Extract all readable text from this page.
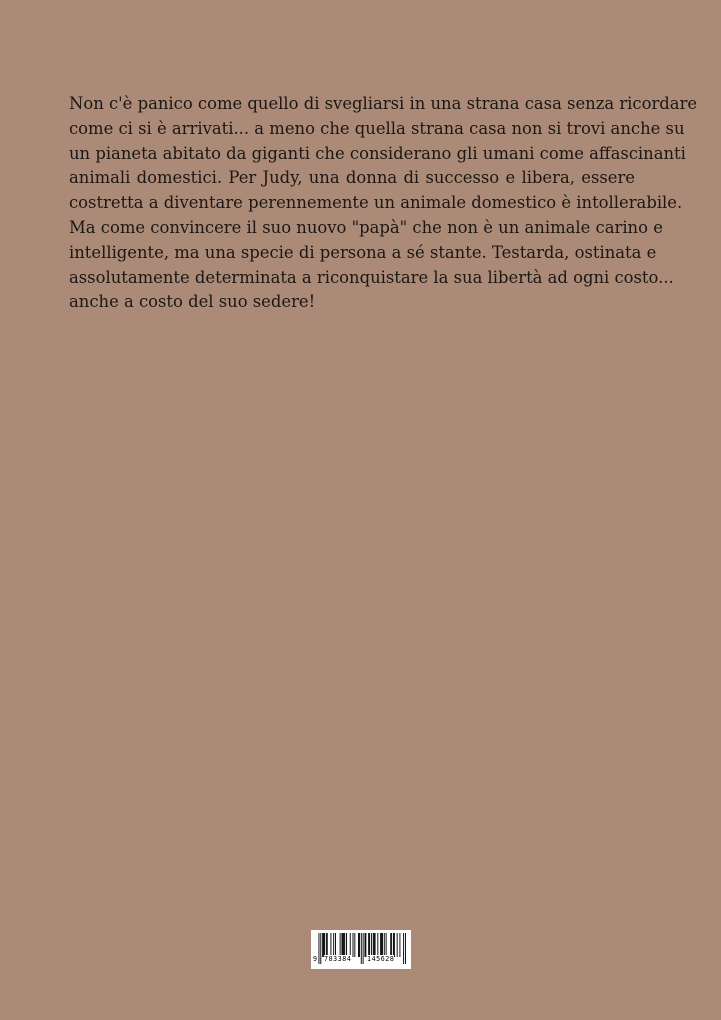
Non c'è panico come quello di svegliarsi in una strana casa senza ricordare
come ci si è arrivati... a meno che quella strana casa non si trovi anche su
un pianeta abitato da giganti che considerano gli umani come affascinanti
animali domestici. Per Judy, una donna di successo e libera, essere
costretta a diventare perennemente un animale domestico è intollerabile.
Ma come convincere il suo nuovo "papà" che non è un animale carino e
intelligente, ma una specie di persona a sé stante. Testarda, ostinata e
assolutamente determinata a riconquistare la sua libertà ad ogni costo...
anche a costo del suo sedere!
9 783384 145628
